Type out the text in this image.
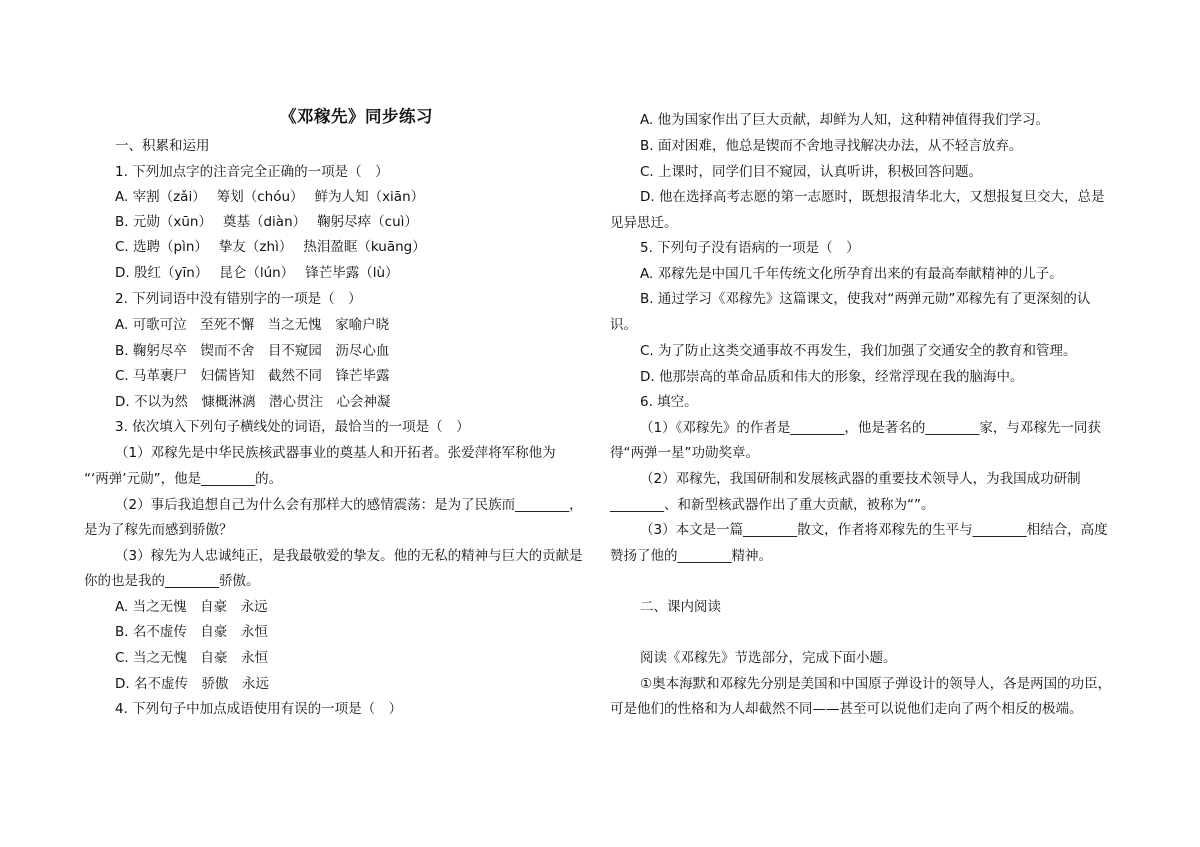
《邓稼先》同步练习
一、积累和运用
1. 下列加点字的注音完全正确的一项是（　）
A. 宰割（zǎi）　 筹划（chóu）　 鲜为人知（xiān）
B. 元勋（xūn）　 奠基（diàn）　 鞠躬尽瘁（cuì）
C. 选聘（pìn）　 挚友（zhì）　 热泪盈眶（kuāng）
D. 殷红（yīn）　 昆仑（lún）　 锋芒毕露（lù）
2. 下列词语中没有错别字的一项是（　）
A. 可歌可泣　至死不懈　当之无愧　家喻户晓
B. 鞠躬尽卒　锲而不舍　目不窥园　沥尽心血
C. 马革裹尸　妇儒皆知　截然不同　锋芒毕露
D. 不以为然　慷概淋漓　潜心贯注　心会神凝
3. 依次填入下列句子横线处的词语，最恰当的一项是（　）
（1）邓稼先是中华民族核武器事业的奠基人和开拓者。张爱萍将军称他为
“‘两弹’元勋”，他是________的。
（2）事后我追想自己为什么会有那样大的感情震荡：是为了民族而________，
是为了稼先而感到骄傲？
（3）稼先为人忠诚纯正，是我最敬爱的挚友。他的无私的精神与巨大的贡献是
你的也是我的________骄傲。
A. 当之无愧　自豪　永远
B. 名不虚传　自豪　永恒
C. 当之无愧　自豪　永恒
D. 名不虚传　骄傲　永远
4. 下列句子中加点成语使用有误的一项是（　）
A. 他为国家作出了巨大贡献，却鲜为人知，这种精神值得我们学习。
B. 面对困难，他总是锲而不舍地寻找解决办法，从不轻言放弃。
C. 上课时，同学们目不窥园，认真听讲，积极回答问题。
D. 他在选择高考志愿的第一志愿时，既想报清华北大，又想报复旦交大，总是
见异思迁。
5. 下列句子没有语病的一项是（　）
A. 邓稼先是中国几千年传统文化所孕育出来的有最高奉献精神的儿子。
B. 通过学习《邓稼先》这篇课文，使我对“两弹元勋”邓稼先有了更深刻的认
识。
C. 为了防止这类交通事故不再发生，我们加强了交通安全的教育和管理。
D. 他那崇高的革命品质和伟大的形象，经常浮现在我的脑海中。
6. 填空。
（1）《邓稼先》的作者是________，他是著名的________家，与邓稼先一同获
得“两弹一星”功勋奖章。
（2）邓稼先，我国研制和发展核武器的重要技术领导人，为我国成功研制
________、和新型核武器作出了重大贡献，被称为“”。
（3）本文是一篇________散文，作者将邓稼先的生平与________相结合，高度
赞扬了他的________精神。
二、课内阅读
阅读《邓稼先》节选部分，完成下面小题。
①奥本海默和邓稼先分别是美国和中国原子弹设计的领导人，各是两国的功臣，
可是他们的性格和为人却截然不同——甚至可以说他们走向了两个相反的极端。
